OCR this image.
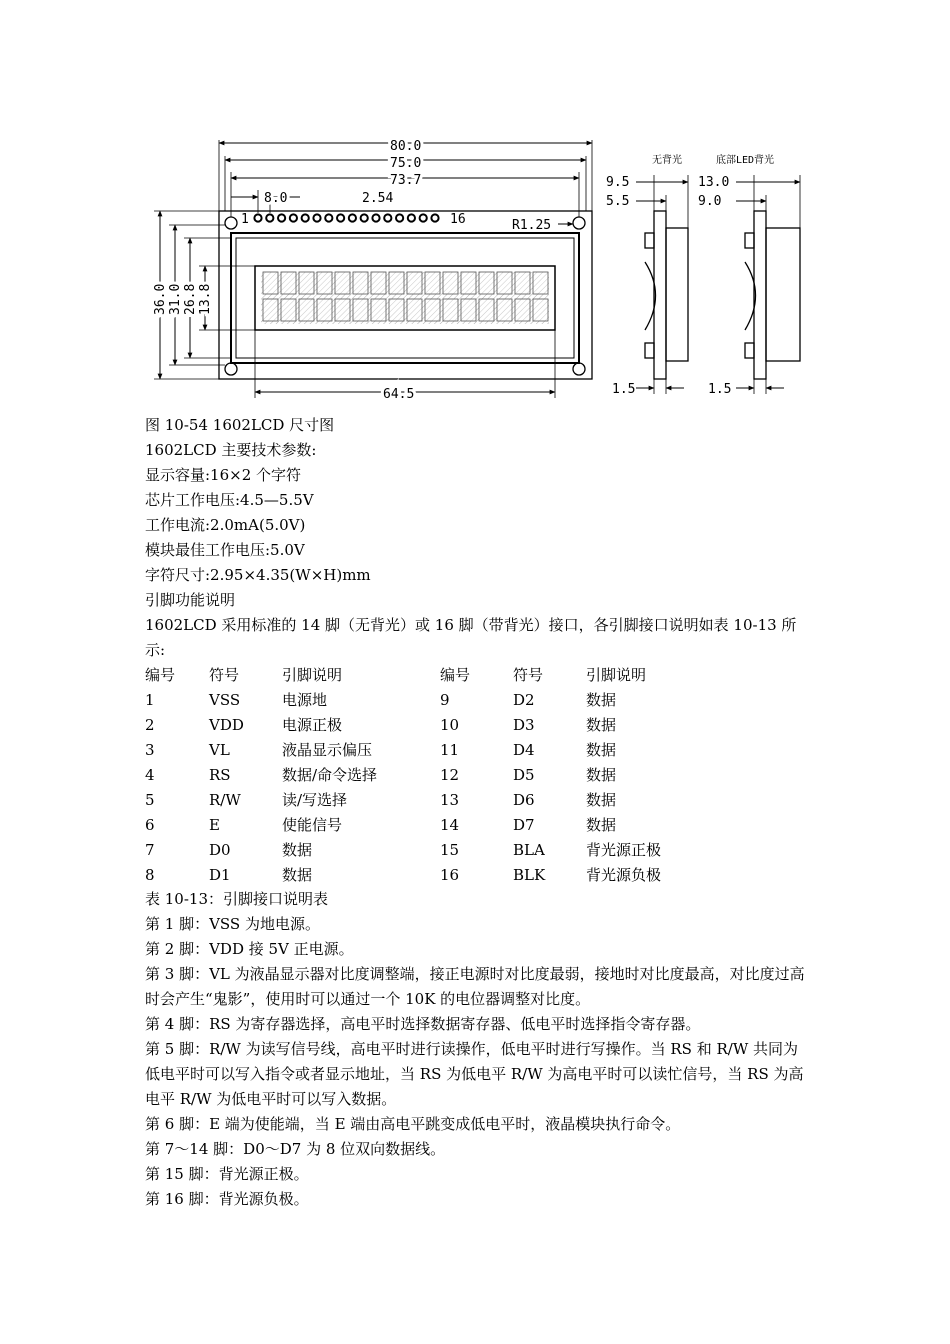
80.0
75.0
73.7
8.0	2.54
R1.25
1	16
64.5
36.0 31.0 26.8 13.8
无背光
9.5
5.5
1.5
底部LED背光
13.0
9.0
1.5
图 10-54 1602LCD 尺寸图
1602LCD 主要技术参数:
显示容量:16×2 个字符
芯片工作电压:4.5—5.5V
工作电流:2.0mA(5.0V)
模块最佳工作电压:5.0V
字符尺寸:2.95×4.35(W×H)mm
引脚功能说明
1602LCD 采用标准的 14 脚（无背光）或 16 脚（带背光）接口，各引脚接口说明如表 10-13 所示:
编号	符号	引脚说明	编号	符号	引脚说明
1	VSS	电源地	9	D2	数据
2	VDD	电源正极	10	D3	数据
3	VL	液晶显示偏压	11	D4	数据
4	RS	数据/命令选择	12	D5	数据
5	R/W	读/写选择	13	D6	数据
6	E	使能信号	14	D7	数据
7	D0	数据	15	BLA	背光源正极
8	D1	数据	16	BLK	背光源负极
表 10-13：引脚接口说明表
第 1 脚：VSS 为地电源。
第 2 脚：VDD 接 5V 正电源。
第 3 脚：VL 为液晶显示器对比度调整端，接正电源时对比度最弱，接地时对比度最高，对比度过高时会产生“鬼影”，使用时可以通过一个 10K 的电位器调整对比度。
第 4 脚：RS 为寄存器选择，高电平时选择数据寄存器、低电平时选择指令寄存器。
第 5 脚：R/W 为读写信号线，高电平时进行读操作，低电平时进行写操作。当 RS 和 R/W 共同为低电平时可以写入指令或者显示地址，当 RS 为低电平 R/W 为高电平时可以读忙信号，当 RS 为高电平 R/W 为低电平时可以写入数据。
第 6 脚：E 端为使能端，当 E 端由高电平跳变成低电平时，液晶模块执行命令。
第 7～14 脚：D0～D7 为 8 位双向数据线。
第 15 脚：背光源正极。
第 16 脚：背光源负极。
